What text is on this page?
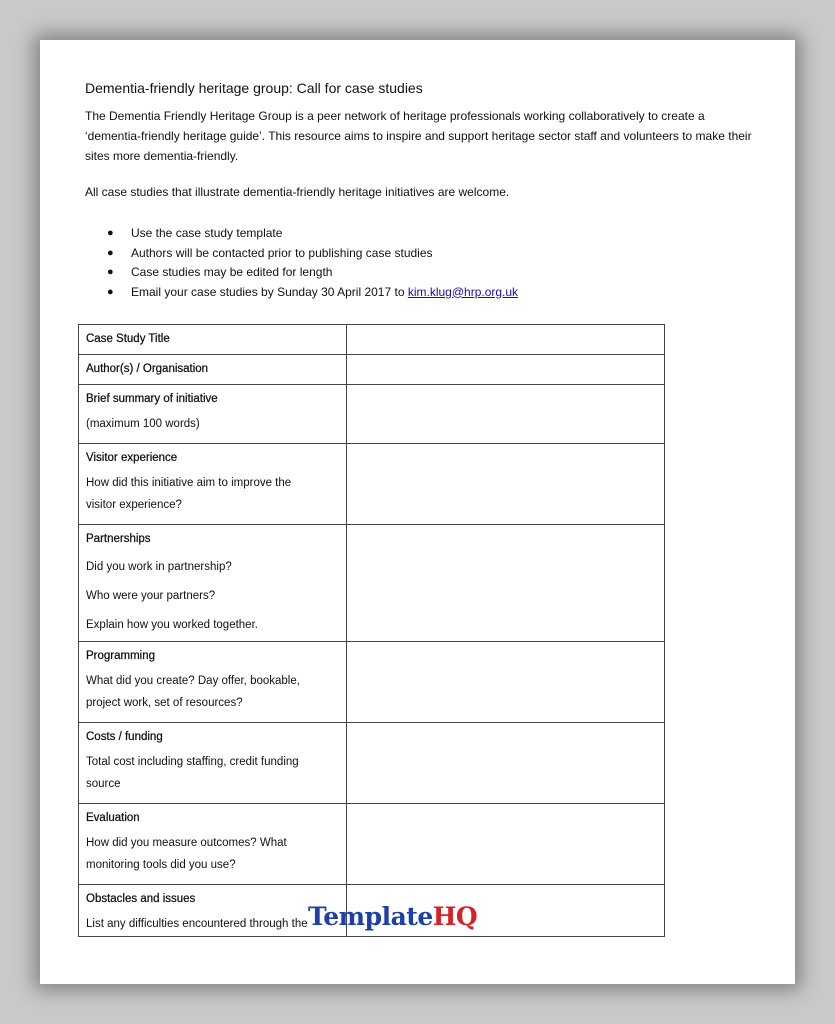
Dementia-friendly heritage group: Call for case studies

The Dementia Friendly Heritage Group is a peer network of heritage professionals working collaboratively to create a ‘dementia-friendly heritage guide’. This resource aims to inspire and support heritage sector staff and volunteers to make their sites more dementia-friendly.

All case studies that illustrate dementia-friendly heritage initiatives are welcome.

● Use the case study template
● Authors will be contacted prior to publishing case studies
● Case studies may be edited for length
● Email your case studies by Sunday 30 April 2017 to kim.klug@hrp.org.uk
Case Study Title	

Author(s) / Organisation	

Brief summary of initiative
(maximum 100 words)	

Visitor experience
How did this initiative aim to improve the
visitor experience?	

Partnerships
Did you work in partnership?
Who were your partners?
Explain how you worked together.	

Programming
What did you create? Day offer, bookable,
project work, set of resources?	

Costs / funding
Total cost including staffing, credit funding
source	

Evaluation
How did you measure outcomes? What
monitoring tools did you use?	

Obstacles and issues
List any difficulties encountered through the	
	TemplateHQ
